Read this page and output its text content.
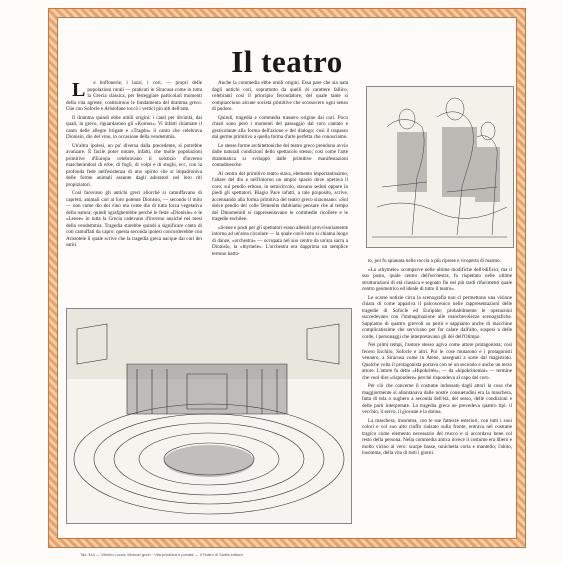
Il teatro

L e buffonerie, i lazzi, i cori, — propri delle popolazioni rurali — praticati in Siracusa come in tutta la Grecia classica, per festeggiare particolari momenti della vita agreste, costituirono le fondamenta del dramma greco. Che con Sofocle e Aristofane toccò i vertici più alti dell'arte.

Il dramma quindi ebbe umili origini: i canti per divinità, dai quali, in greco, riguardarono gli «Komos». Vi infatti chiamare il canto delle allegre brigate e «Tragdo» il canto che celebrava Dionisio, dio del vino, in occasione della vendemmia.

Un'altra ipotesi, un po' diversa dalla precedente, si potrebbe avanzare. È facile poter notare, infatti, che molte popolazioni primitive d'Europa celebravano il solstizio d'inverno mascherandosi di erbe, di fogli, di volpi e di stoghi, ecc, con la profonda fede nell'esistenza di uno spirito che si impadroniva delle forme animali assunte dagli adoratori nel loro riti propiziatori.

Così facevano gli antichi greci allorché si camuffavano di capretti, animali cari al loro potente Dionisio, — secondo il mito — non come dio del vino ma come dio di tutta forza vegetativa della natura; quindi sgrafgherebbe perché le feste «Dionisie» e le «Lenee» in tutta la Grecia cadevano d'inverno anziché nei mesi della vendemmia. Tragedia starebbe quindi a significare canto di coti camuffati da capro: questa seconda ipotesi concorderebbe con Aristotele il quale scrive che la tragedia greca nacque dai cori dei satiri.

Anche la commedia ebbe umili origini. Essa pare che sia nata dagli antichi cori, soprattutto da quelli di carattere fallico, celebranti così il principio fecondatore, del quale tante si compiacciono alcune società primitive che scossocero ogni senso di pudore.

Quindi, tragedia e commedia trassero origine dai cori. Poco chiari sono però i momenti del passaggio dal coro cantato e gesticolante alla forma dell'azione e del dialogo; così il trapasso dal germe primitivo a quella forma d'arte perfetta che conosciamo.

Le stesse forme architettoniche del teatro greco prendono avvio dalle naturali condizioni dello spettacolo stesso; così come l'arte drammatica si sviluppò dalle primitive manifestazioni contadinesche.

Al centro del primitivo teatro stava, elemento importantissimo, l'altare del dio e nell'intorno un ampio spazio dove operava il coro; sul pendio erboso, in semicircolo, stavano seduti oppure in piedi gli spettatori. Biagio Pace infatti, a tale proposito, scrive, accennando alla forma primitiva del teatro greco siracusano: «Sul dolce pendio del colle Temenite dobbiamo pensare che al tempo dei Dinomenidi si rappresentavano le commedie ricollere e le tragedie eschilee.

«Scene e posti per gli spettatori erano allestiti provvisoriamente intorno ad un'area circolare — la quale con'è noto si chiama luogo di danze, «orchestra» — occupata nel suo centro da un'ara sacra a Dionisio, la «thymele». L'orchestra era dapprima un semplice terreno battu-

to, poi fu spianata nella roccia a più riprese e ricoperta di marmo.

«La «thymele» scomparve nelle ultime modifiche dell'edificio; ma il suo posto, quale centro dell'orchestra, fu rispettato nelle ultime strutturazioni di età classica e segnato fin nei più tardi rifacimenti quale centro geometrico ed ideale di tutto il teatro».

Le scarse notizie circa la scenografia non ci permettono una visione chiara di come appariva il palcoscenico nelle rappresentazioni delle tragedie di Sofocle ed Euripide; probabilmente le operazioni succedevano con l'immaginazione alle manchevolezze scenografiche. Sappiamo di quattro girevoli su perni e sappiamo anche di macchine complicatissime che servivano per far calare dall'alto, sospesi a delle corde, i personaggi che interpretavano gli dèi dell'Olimpo.

Nei primi tempi, l'autore stesso agiva come attore protagonista; così fecero Eschilo, Sofocle e altri. Poi le cose mutarono e i protagonisti vennero, a Siracusa come in Atene, assegnati a sorte dal magistrato. Qualche volta il protagonista portava con sé un secondo e anche un terzo attore. L'attore fu detto «Hipokrités», — da «hipokrinomai» — termine che vuol dire «rispondere» perché rispondeva al capo del coro.

Per ciò che concerne il costume indossato dagli attori la cosa che maggiormente si allontanava dalle nostre consuetudini era la maschera, fatta di tela o sughero a seconda dell'età, del sesso, delle condizioni e delle parti interpretate. La tragedia greca ne prevedeva quattro tipi: il vecchio, il servo, il giovane e la donna.

La maschera, insomma, con le sue fattezze esteriori, con tutti i suoi colori e col suo alto ciuffo rialzato sulla fronte, entrava nel costume tragico come elemento necessario del trucco e si accordava bene col resto della persona. Nella commedia antica invece il costume era libero e molto vicino al vero: scarpe basse, tunichetta corta e mantello; l'abito, insomma, della vita di tutti i giorni.

Tav. 344 — Vittorio Lucca, Itinerari greci · Vita pubblica e privata — Il Teatro di Sicilia editore
